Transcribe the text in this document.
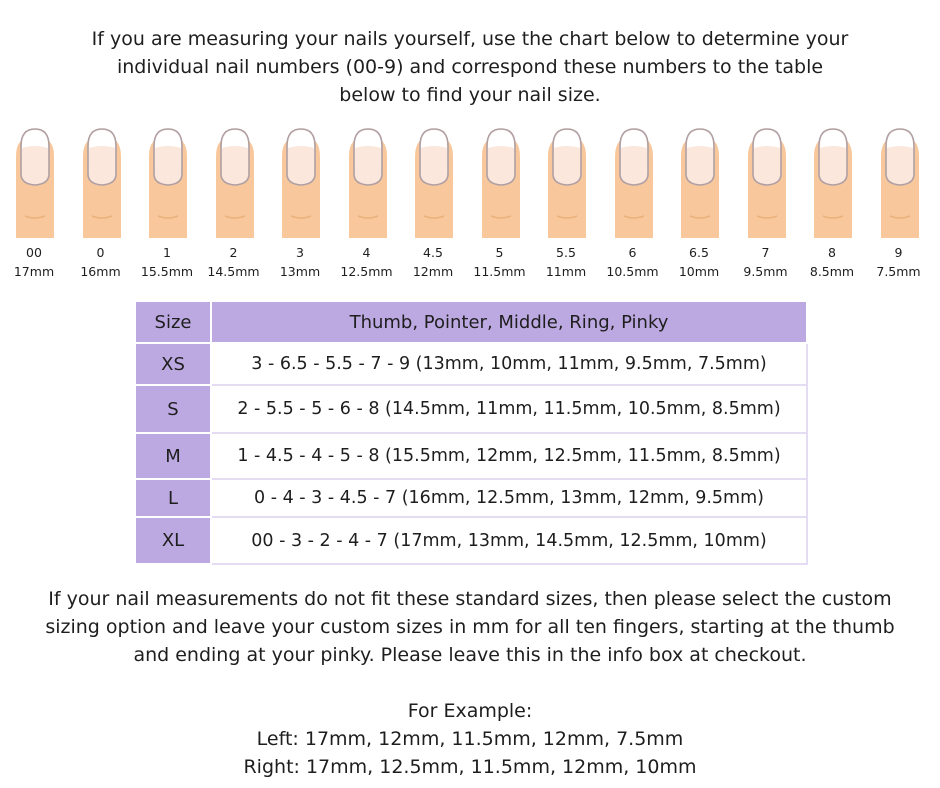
If you are measuring your nails yourself, use the chart below to determine your
individual nail numbers (00-9) and correspond these numbers to the table
below to find your nail size.

00
17mm
0
16mm
1
15.5mm
2
14.5mm
3
13mm
4
12.5mm
4.5
12mm
5
11.5mm
5.5
11mm
6
10.5mm
6.5
10mm
7
9.5mm
8
8.5mm
9
7.5mm
Size	Thumb, Pointer, Middle, Ring, Pinky
XS	3 - 6.5 - 5.5 - 7 - 9 (13mm, 10mm, 11mm, 9.5mm, 7.5mm)
S	2 - 5.5 - 5 - 6 - 8 (14.5mm, 11mm, 11.5mm, 10.5mm, 8.5mm)
M	1 - 4.5 - 4 - 5 - 8 (15.5mm, 12mm, 12.5mm, 11.5mm, 8.5mm)
L	0 - 4 - 3 - 4.5 - 7 (16mm, 12.5mm, 13mm, 12mm, 9.5mm)
XL	00 - 3 - 2 - 4 - 7 (17mm, 13mm, 14.5mm, 12.5mm, 10mm)
If your nail measurements do not fit these standard sizes, then please select the custom
sizing option and leave your custom sizes in mm for all ten fingers, starting at the thumb
and ending at your pinky. Please leave this in the info box at checkout.
For Example:
Left: 17mm, 12mm, 11.5mm, 12mm, 7.5mm
Right: 17mm, 12.5mm, 11.5mm, 12mm, 10mm
